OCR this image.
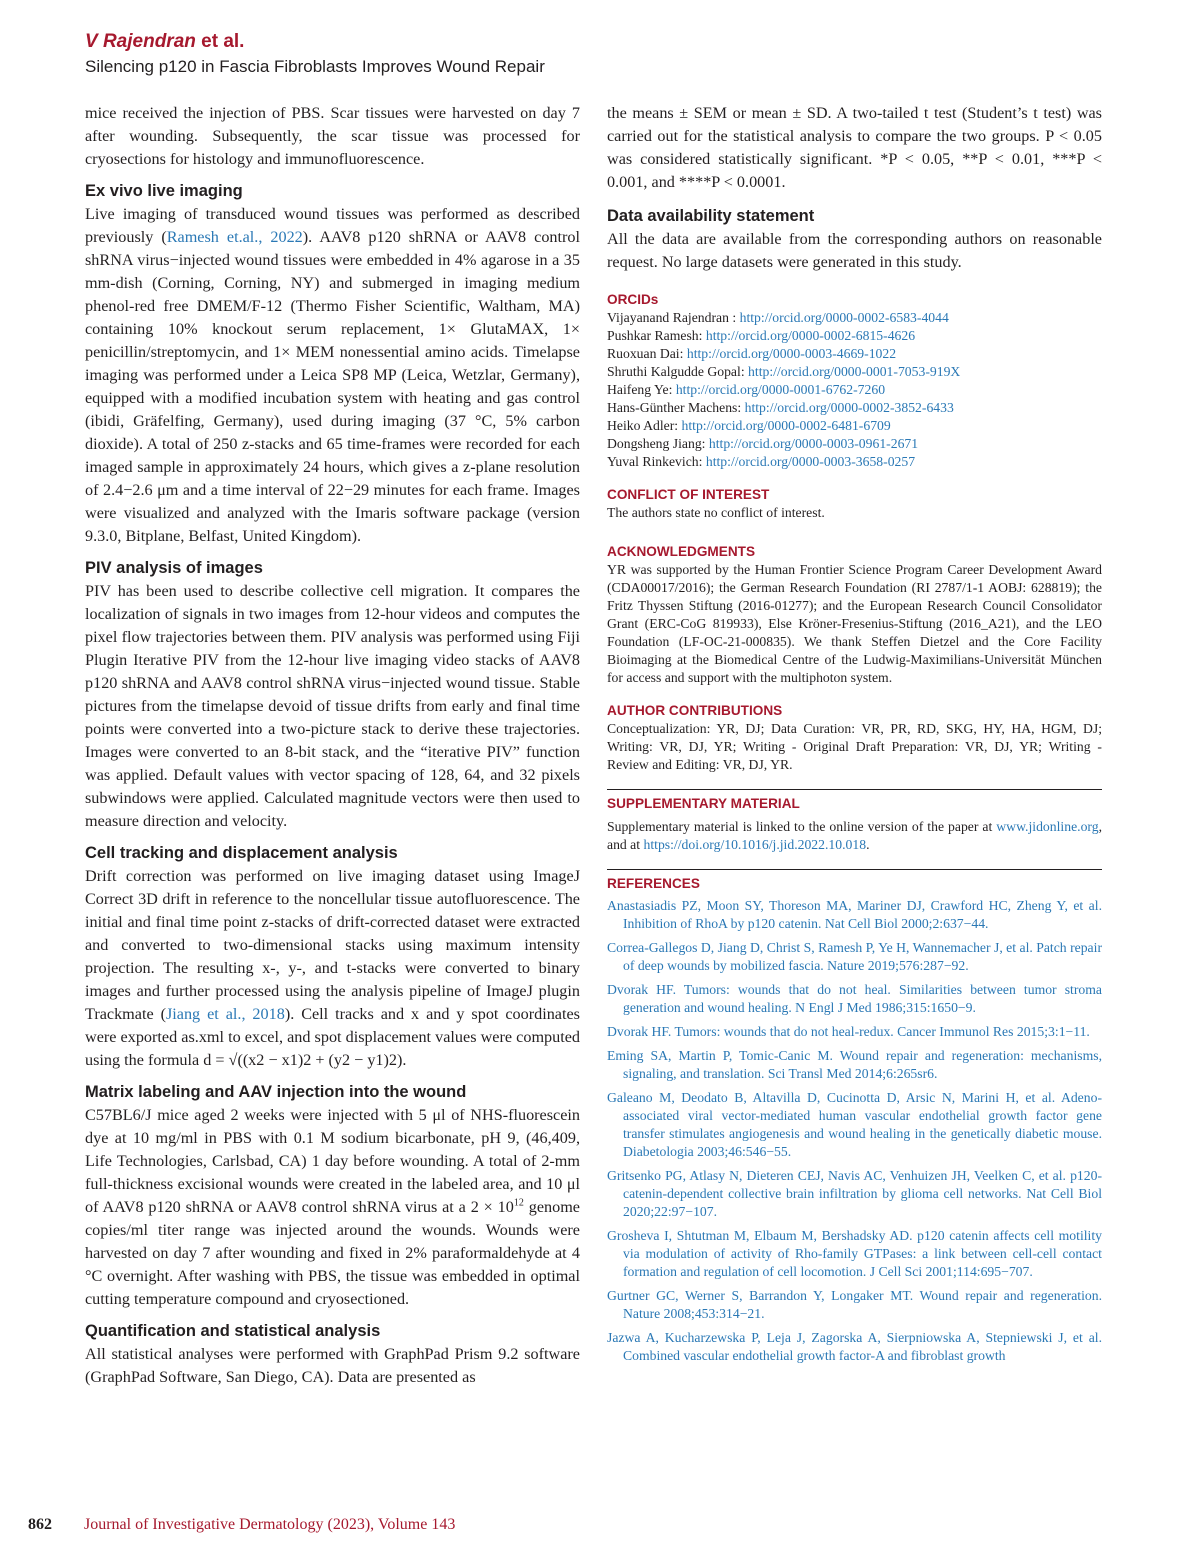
V Rajendran et al.
Silencing p120 in Fascia Fibroblasts Improves Wound Repair

mice received the injection of PBS. Scar tissues were harvested on day 7 after wounding. Subsequently, the scar tissue was processed for cryosections for histology and immunofluorescence.

Ex vivo live imaging

Live imaging of transduced wound tissues was performed as described previously (Ramesh et.al., 2022). AAV8 p120 shRNA or AAV8 control shRNA virus−injected wound tissues were embedded in 4% agarose in a 35 mm-dish (Corning, Corning, NY) and submerged in imaging medium phenol-red free DMEM/F-12 (Thermo Fisher Scientific, Waltham, MA) containing 10% knockout serum replacement, 1× GlutaMAX, 1× penicillin/streptomycin, and 1× MEM nonessential amino acids. Timelapse imaging was performed under a Leica SP8 MP (Leica, Wetzlar, Germany), equipped with a modified incubation system with heating and gas control (ibidi, Gräfelfing, Germany), used during imaging (37 °C, 5% carbon dioxide). A total of 250 z-stacks and 65 time-frames were recorded for each imaged sample in approximately 24 hours, which gives a z-plane resolution of 2.4−2.6 μm and a time interval of 22−29 minutes for each frame. Images were visualized and analyzed with the Imaris software package (version 9.3.0, Bitplane, Belfast, United Kingdom).

PIV analysis of images

PIV has been used to describe collective cell migration. It compares the localization of signals in two images from 12-hour videos and computes the pixel flow trajectories between them. PIV analysis was performed using Fiji Plugin Iterative PIV from the 12-hour live imaging video stacks of AAV8 p120 shRNA and AAV8 control shRNA virus−injected wound tissue. Stable pictures from the timelapse devoid of tissue drifts from early and final time points were converted into a two-picture stack to derive these trajectories. Images were converted to an 8-bit stack, and the “iterative PIV” function was applied. Default values with vector spacing of 128, 64, and 32 pixels subwindows were applied. Calculated magnitude vectors were then used to measure direction and velocity.

Cell tracking and displacement analysis

Drift correction was performed on live imaging dataset using ImageJ Correct 3D drift in reference to the noncellular tissue autofluorescence. The initial and final time point z-stacks of drift-corrected dataset were extracted and converted to two-dimensional stacks using maximum intensity projection. The resulting x-, y-, and t-stacks were converted to binary images and further processed using the analysis pipeline of ImageJ plugin Trackmate (Jiang et al., 2018). Cell tracks and x and y spot coordinates were exported as.xml to excel, and spot displacement values were computed using the formula d = √((x2 − x1)2 + (y2 − y1)2).

Matrix labeling and AAV injection into the wound

C57BL6/J mice aged 2 weeks were injected with 5 μl of NHS-fluorescein dye at 10 mg/ml in PBS with 0.1 M sodium bicarbonate, pH 9, (46,409, Life Technologies, Carlsbad, CA) 1 day before wounding. A total of 2-mm full-thickness excisional wounds were created in the labeled area, and 10 μl of AAV8 p120 shRNA or AAV8 control shRNA virus at a $2 \times 10^{12}$ genome copies/ml titer range was injected around the wounds. Wounds were harvested on day 7 after wounding and fixed in 2% paraformaldehyde at 4 °C overnight. After washing with PBS, the tissue was embedded in optimal cutting temperature compound and cryosectioned.

Quantification and statistical analysis

All statistical analyses were performed with GraphPad Prism 9.2 software (GraphPad Software, San Diego, CA). Data are presented as

the means ± SEM or mean ± SD. A two-tailed t test (Student’s t test) was carried out for the statistical analysis to compare the two groups. P < 0.05 was considered statistically significant. *P < 0.05, **P < 0.01, ***P < 0.001, and ****P < 0.0001.

Data availability statement

All the data are available from the corresponding authors on reasonable request. No large datasets were generated in this study.

ORCIDs
Vijayanand Rajendran : http://orcid.org/0000-0002-6583-4044
Pushkar Ramesh: http://orcid.org/0000-0002-6815-4626
Ruoxuan Dai: http://orcid.org/0000-0003-4669-1022
Shruthi Kalgudde Gopal: http://orcid.org/0000-0001-7053-919X
Haifeng Ye: http://orcid.org/0000-0001-6762-7260
Hans-Günther Machens: http://orcid.org/0000-0002-3852-6433
Heiko Adler: http://orcid.org/0000-0002-6481-6709
Dongsheng Jiang: http://orcid.org/0000-0003-0961-2671
Yuval Rinkevich: http://orcid.org/0000-0003-3658-0257
CONFLICT OF INTEREST

The authors state no conflict of interest.

ACKNOWLEDGMENTS

YR was supported by the Human Frontier Science Program Career Development Award (CDA00017/2016); the German Research Foundation (RI 2787/1-1 AOBJ: 628819); the Fritz Thyssen Stiftung (2016-01277); and the European Research Council Consolidator Grant (ERC-CoG 819933), Else Kröner-Fresenius-Stiftung (2016_A21), and the LEO Foundation (LF-OC-21-000835). We thank Steffen Dietzel and the Core Facility Bioimaging at the Biomedical Centre of the Ludwig-Maximilians-Universität München for access and support with the multiphoton system.

AUTHOR CONTRIBUTIONS

Conceptualization: YR, DJ; Data Curation: VR, PR, RD, SKG, HY, HA, HGM, DJ; Writing: VR, DJ, YR; Writing - Original Draft Preparation: VR, DJ, YR; Writing - Review and Editing: VR, DJ, YR.

SUPPLEMENTARY MATERIAL

Supplementary material is linked to the online version of the paper at www.jidonline.org, and at https://doi.org/10.1016/j.jid.2022.10.018.

REFERENCES

Anastasiadis PZ, Moon SY, Thoreson MA, Mariner DJ, Crawford HC, Zheng Y, et al. Inhibition of RhoA by p120 catenin. Nat Cell Biol 2000;2:637−44.

Correa-Gallegos D, Jiang D, Christ S, Ramesh P, Ye H, Wannemacher J, et al. Patch repair of deep wounds by mobilized fascia. Nature 2019;576:287−92.

Dvorak HF. Tumors: wounds that do not heal. Similarities between tumor stroma generation and wound healing. N Engl J Med 1986;315:1650−9.

Dvorak HF. Tumors: wounds that do not heal-redux. Cancer Immunol Res 2015;3:1−11.

Eming SA, Martin P, Tomic-Canic M. Wound repair and regeneration: mechanisms, signaling, and translation. Sci Transl Med 2014;6:265sr6.

Galeano M, Deodato B, Altavilla D, Cucinotta D, Arsic N, Marini H, et al. Adeno-associated viral vector-mediated human vascular endothelial growth factor gene transfer stimulates angiogenesis and wound healing in the genetically diabetic mouse. Diabetologia 2003;46:546−55.

Gritsenko PG, Atlasy N, Dieteren CEJ, Navis AC, Venhuizen JH, Veelken C, et al. p120-catenin-dependent collective brain infiltration by glioma cell networks. Nat Cell Biol 2020;22:97−107.

Grosheva I, Shtutman M, Elbaum M, Bershadsky AD. p120 catenin affects cell motility via modulation of activity of Rho-family GTPases: a link between cell-cell contact formation and regulation of cell locomotion. J Cell Sci 2001;114:695−707.

Gurtner GC, Werner S, Barrandon Y, Longaker MT. Wound repair and regeneration. Nature 2008;453:314−21.

Jazwa A, Kucharzewska P, Leja J, Zagorska A, Sierpniowska A, Stepniewski J, et al. Combined vascular endothelial growth factor-A and fibroblast growth

862 Journal of Investigative Dermatology (2023), Volume 143
